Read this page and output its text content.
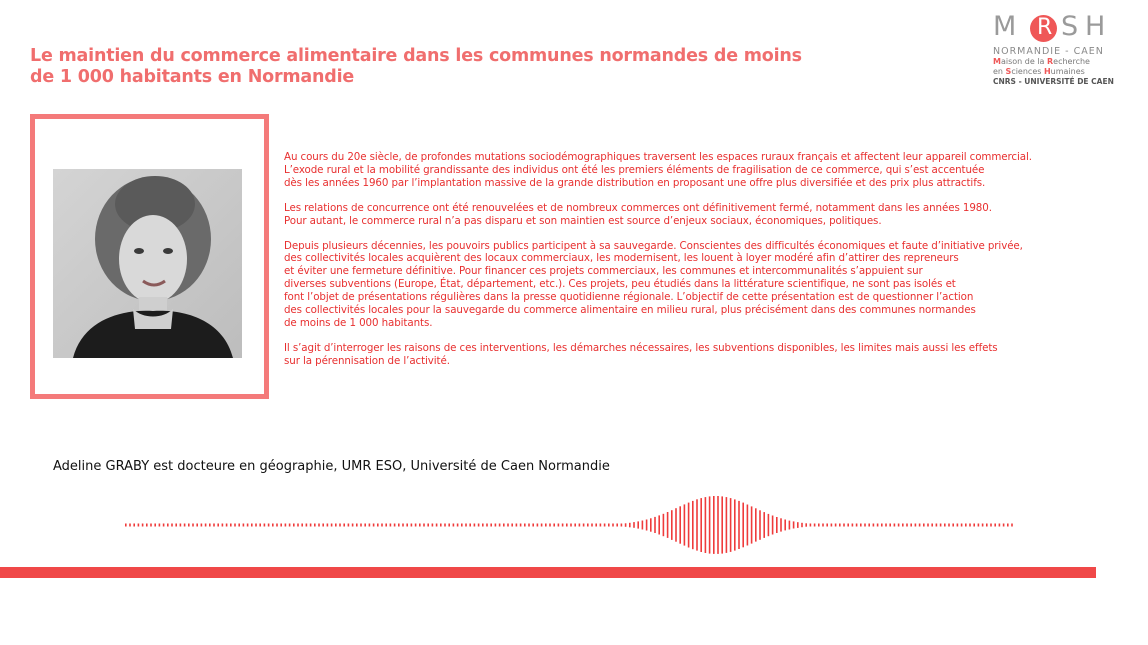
Le maintien du commerce alimentaire dans les communes normandes de moins
de 1 000 habitants en Normandie
M R S H
NORMANDIE - CAEN
Maison de la Recherche
en Sciences Humaines
CNRS - UNIVERSITÉ DE CAEN
Au cours du 20e siècle, de profondes mutations sociodémographiques traversent les espaces ruraux français et affectent leur appareil commercial.
L’exode rural et la mobilité grandissante des individus ont été les premiers éléments de fragilisation de ce commerce, qui s’est accentuée
dès les années 1960 par l’implantation massive de la grande distribution en proposant une offre plus diversifiée et des prix plus attractifs.
Les relations de concurrence ont été renouvelées et de nombreux commerces ont définitivement fermé, notamment dans les années 1980.
Pour autant, le commerce rural n’a pas disparu et son maintien est source d’enjeux sociaux, économiques, politiques.
Depuis plusieurs décennies, les pouvoirs publics participent à sa sauvegarde. Conscientes des difficultés économiques et faute d’initiative privée,
des collectivités locales acquièrent des locaux commerciaux, les modernisent, les louent à loyer modéré afin d’attirer des repreneurs
et éviter une fermeture définitive. Pour financer ces projets commerciaux, les communes et intercommunalités s’appuient sur
diverses subventions (Europe, État, département, etc.). Ces projets, peu étudiés dans la littérature scientifique, ne sont pas isolés et
font l’objet de présentations régulières dans la presse quotidienne régionale. L’objectif de cette présentation est de questionner l’action
des collectivités locales pour la sauvegarde du commerce alimentaire en milieu rural, plus précisément dans des communes normandes
de moins de 1 000 habitants.
Il s’agit d’interroger les raisons de ces interventions, les démarches nécessaires, les subventions disponibles, les limites mais aussi les effets
sur la pérennisation de l’activité.
Adeline GRABY est docteure en géographie, UMR ESO, Université de Caen Normandie
